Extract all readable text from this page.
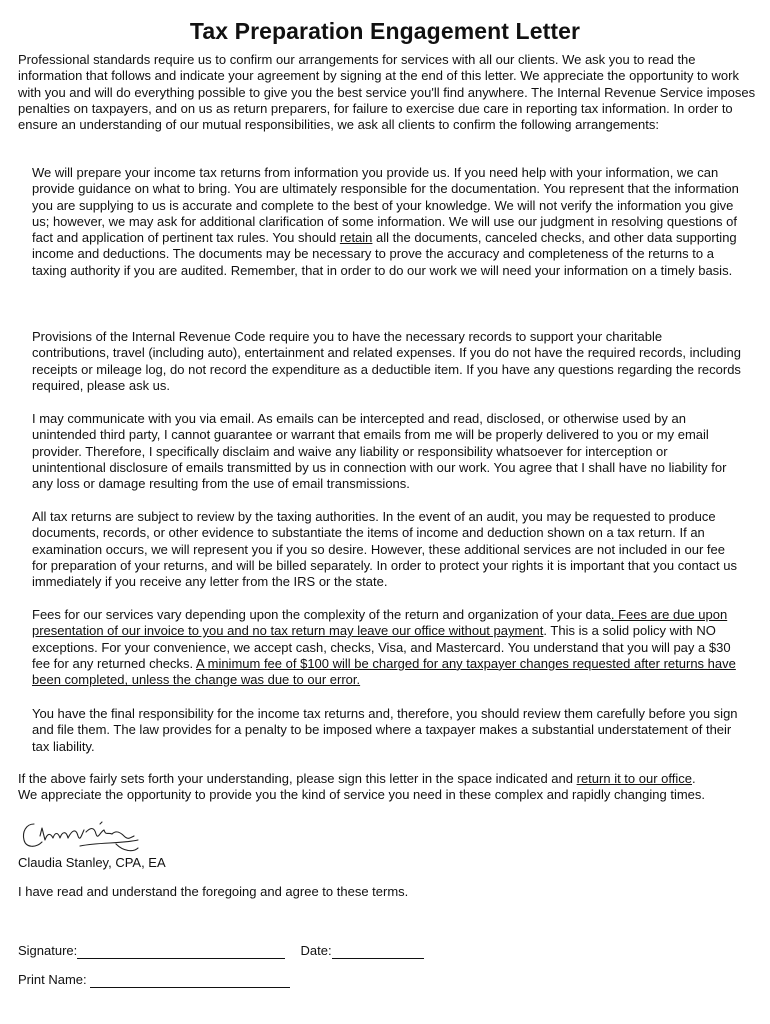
Tax Preparation Engagement Letter

Professional standards require us to confirm our arrangements for services with all our clients. We ask you to read the information that follows and indicate your agreement by signing at the end of this letter. We appreciate the opportunity to work with you and will do everything possible to give you the best service you'll find anywhere. The Internal Revenue Service imposes penalties on taxpayers, and on us as return preparers, for failure to exercise due care in reporting tax information. In order to ensure an understanding of our mutual responsibilities, we ask all clients to confirm the following arrangements:

We will prepare your income tax returns from information you provide us. If you need help with your information, we can provide guidance on what to bring. You are ultimately responsible for the documentation. You represent that the information you are supplying to us is accurate and complete to the best of your knowledge. We will not verify the information you give us; however, we may ask for additional clarification of some information. We will use our judgment in resolving questions of fact and application of pertinent tax rules. You should retain all the documents, canceled checks, and other data supporting income and deductions. The documents may be necessary to prove the accuracy and completeness of the returns to a taxing authority if you are audited. Remember, that in order to do our work we will need your information on a timely basis.

Provisions of the Internal Revenue Code require you to have the necessary records to support your charitable contributions, travel (including auto), entertainment and related expenses. If you do not have the required records, including receipts or mileage log, do not record the expenditure as a deductible item. If you have any questions regarding the records required, please ask us.

I may communicate with you via email. As emails can be intercepted and read, disclosed, or otherwise used by an unintended third party, I cannot guarantee or warrant that emails from me will be properly delivered to you or my email provider. Therefore, I specifically disclaim and waive any liability or responsibility whatsoever for interception or unintentional disclosure of emails transmitted by us in connection with our work. You agree that I shall have no liability for any loss or damage resulting from the use of email transmissions.

All tax returns are subject to review by the taxing authorities. In the event of an audit, you may be requested to produce documents, records, or other evidence to substantiate the items of income and deduction shown on a tax return. If an examination occurs, we will represent you if you so desire. However, these additional services are not included in our fee for preparation of your returns, and will be billed separately. In order to protect your rights it is important that you contact us immediately if you receive any letter from the IRS or the state.

Fees for our services vary depending upon the complexity of the return and organization of your data. Fees are due upon presentation of our invoice to you and no tax return may leave our office without payment. This is a solid policy with NO exceptions. For your convenience, we accept cash, checks, Visa, and Mastercard. You understand that you will pay a $30 fee for any returned checks. A minimum fee of $100 will be charged for any taxpayer changes requested after returns have been completed, unless the change was due to our error.

You have the final responsibility for the income tax returns and, therefore, you should review them carefully before you sign and file them. The law provides for a penalty to be imposed where a taxpayer makes a substantial understatement of their tax liability.

If the above fairly sets forth your understanding, please sign this letter in the space indicated and return it to our office. We appreciate the opportunity to provide you the kind of service you need in these complex and rapidly changing times.

Claudia Stanley, CPA, EA
I have read and understand the foregoing and agree to these terms.
Signature:	Date:
Print Name:
